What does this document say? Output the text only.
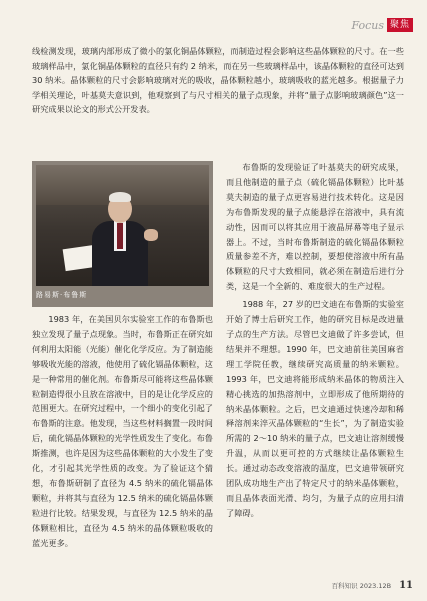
Focus 聚焦
线检测发现，玻璃内部形成了微小的氯化铜晶体颗粒，而制造过程会影响这些晶体颗粒的尺寸。在一些玻璃样品中，氯化铜晶体颗粒的直径只有约 2 纳米，而在另一些玻璃样品中，该晶体颗粒的直径可达到 30 纳米。晶体颗粒的尺寸会影响玻璃对光的吸收，晶体颗粒越小，玻璃吸收的蓝光越多。根据量子力学相关理论，叶基莫夫意识到，他观察到了与尺寸相关的量子点现象，并将“量子点影响玻璃颜色”这一研究成果以论文的形式公开发表。
路易斯·布鲁斯

1983 年，在美国贝尔实验室工作的布鲁斯也独立发现了量子点现象。当时，布鲁斯正在研究如何利用太阳能（光能）催化化学反应。为了制造能够吸收光能的溶液，他使用了硫化镉晶体颗粒，这是一种常用的催化剂。布鲁斯尽可能将这些晶体颗粒制造得很小且放在溶液中，目的是让化学反应的范围更大。在研究过程中，一个细小的变化引起了布鲁斯的注意。他发现，当这些材料搁置一段时间后，硫化镉晶体颗粒的光学性质发生了变化。布鲁斯推测，也许是因为这些晶体颗粒的大小发生了变化，才引起其光学性质的改变。为了验证这个猜想，布鲁斯研制了直径为 4.5 纳米的硫化镉晶体颗粒，并将其与直径为 12.5 纳米的硫化镉晶体颗粒进行比较。结果发现，与直径为 12.5 纳米的晶体颗粒相比，直径为 4.5 纳米的晶体颗粒吸收的蓝光更多。

布鲁斯的发现验证了叶基莫夫的研究成果，而且他制造的量子点（硫化镉晶体颗粒）比叶基莫夫制造的量子点更容易进行技术转化。这是因为布鲁斯发现的量子点能悬浮在溶液中，具有流动性，因而可以将其应用于液晶屏幕等电子显示器上。不过，当时布鲁斯制造的硫化镉晶体颗粒质量参差不齐，难以控制，要想使溶液中所有晶体颗粒的尺寸大致相同，就必须在制造后进行分类，这是一个全新的、难度很大的生产过程。

1988 年，27 岁的巴文迪在布鲁斯的实验室开始了博士后研究工作，他的研究目标是改进量子点的生产方法。尽管巴文迪做了许多尝试，但结果并不理想。1990 年，巴文迪前往美国麻省理工学院任教，继续研究高质量的纳米颗粒。1993 年，巴文迪将能形成纳米晶体的物质注入精心挑选的加热溶剂中，立即形成了他所期待的纳米晶体颗粒。之后，巴文迪通过快速冷却和稀释溶剂来淬灭晶体颗粒的“生长”，为了制造实验所需的 2～10 纳米的量子点，巴文迪让溶剂缓慢升温，从而以更可控的方式继续让晶体颗粒生长。通过动态改变溶液的温度，巴文迪带领研究团队成功地生产出了特定尺寸的纳米晶体颗粒，而且晶体表面光滑、均匀，为量子点的应用扫清了障碍。

百科知识 2023.12B 11
